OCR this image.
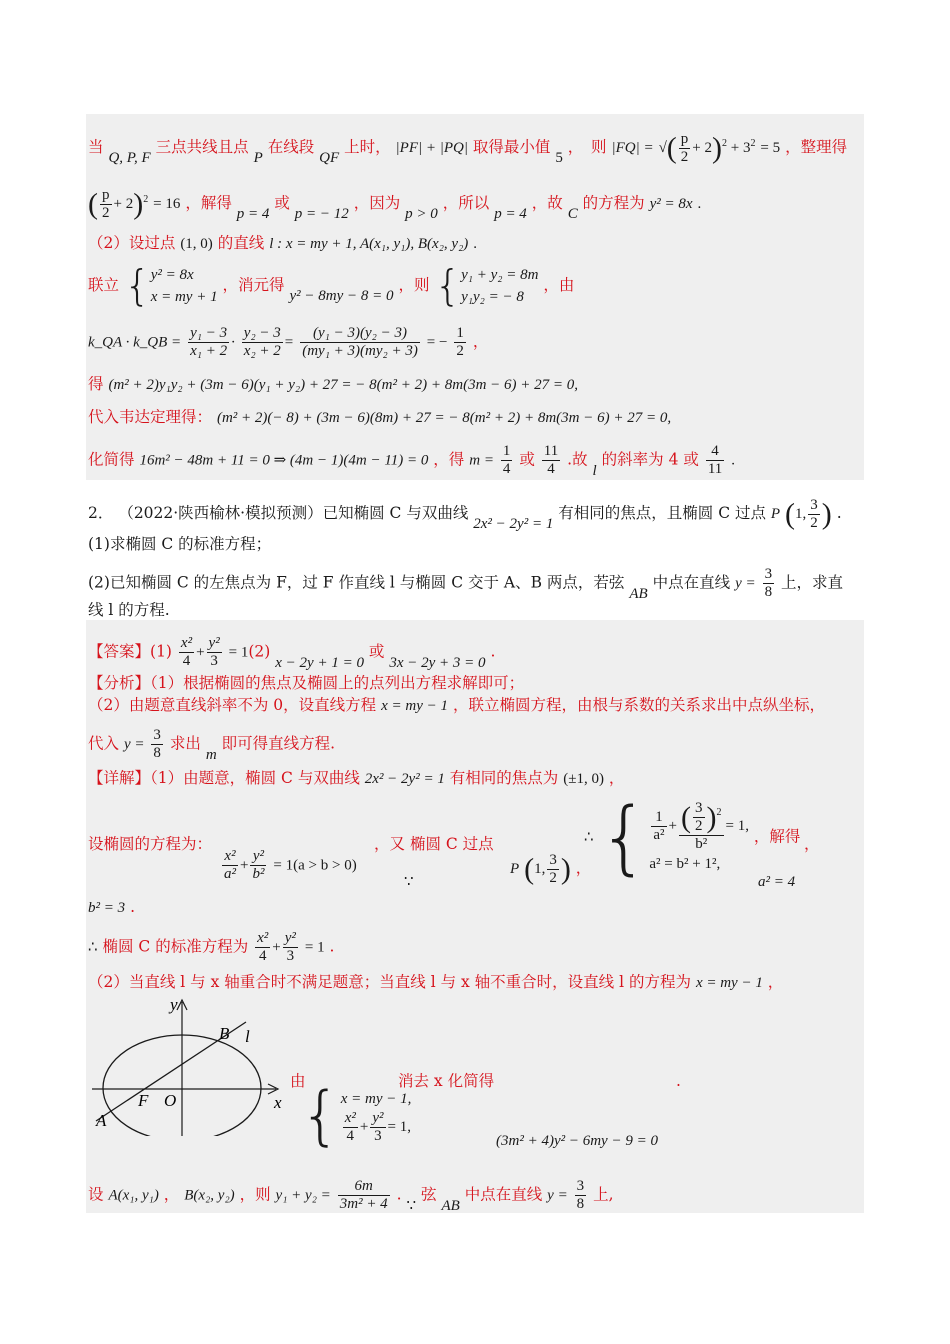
当 Q, P, F 三点共线且点 P 在线段 QF 上时， |PF| + |PQ| 取得最小值 5 ，　则 |FQ| = √( $\frac{p}{2} + 2)^2 + 3^2 = 5$ ，整理得
( $\frac{p}{2} + 2)^2 = 16$ ，解得 p = 4 或 p = − 12 ，因为 p > 0 ，所以 p = 4 ，故 C 的方程为 y² = 8x .
（2）设过点 (1, 0) 的直线 l : x = my + 1, A(x₁, y₁), B(x₂, y₂) .
联立 { y² = 8x
x = my + 1
，消元得 y² − 8my − 8 = 0 ，则 { y₁ + y₂ = 8m
y₁y₂ = − 8
，由
k_QA · k_QB = $\frac{\text{y₁ − 3}}{\text{x₁ + 2}} \cdot \frac{\text{y₂ − 3}}{\text{x₂ + 2}} = \frac{\text{(y₁ − 3)(y₂ − 3)}}{\text{(my₁ + 3)(my₂ + 3)}}$ = − $\frac{1}{2}$ ，
得 (m² + 2)y₁y₂ + (3m − 6)(y₁ + y₂) + 27 = − 8(m² + 2) + 8m(3m − 6) + 27 = 0,
代入韦达定理得： (m² + 2)(− 8) + (3m − 6)(8m) + 27 = − 8(m² + 2) + 8m(3m − 6) + 27 = 0,
化简得 16m² − 48m + 11 = 0 ⇒ (4m − 1)(4m − 11) = 0 ，得 $m = \frac{1}{4}$ 或 $\frac{11}{4}$ .故 l 的斜率为 4 或 $\frac{4}{11}$ .
2． （2022·陕西榆林·模拟预测）已知椭圆 C 与双曲线 2x² − 2y² = 1 有相同的焦点，且椭圆 C 过点 P (1, $\frac{3}{2}$ ) .
(1)求椭圆 C 的标准方程；
(2)已知椭圆 C 的左焦点为 F，过 F 作直线 l 与椭圆 C 交于 A、B 两点，若弦 AB 中点在直线 $y = \frac{3}{8}$ 上，求直
线 l 的方程.
【答案】$(1) \frac{\text{x²}}{4} + \frac{\text{y²}}{3} = 1(2) x - 2y + 1 = 0$ 或 3x − 2y + 3 = 0 .
【分析】（1）根据椭圆的焦点及椭圆上的点列出方程求解即可；
（2）由题意直线斜率不为 0，设直线方程 x = my − 1 ，联立椭圆方程，由根与系数的关系求出中点纵坐标，
代入 $y = \frac{3}{8}$ 求出 m 即可得直线方程.
【详解】（1）由题意，椭圆 C 与双曲线 2x² − 2y² = 1 有相同的焦点为 (±1, 0) ，
设椭圆的方程为：
$\frac{\text{x²}}{\text{a²}} + \frac{\text{y²}}{\text{b²}} = 1(a > b > 0)$
，又 椭圆 C 过点
∵
P (1, $\frac{3}{2}$ ) ，
∴ { $\frac{1}{\text{a²}} + \frac{( \frac{3}{2} )^2}{\text{b²}} = 1$,
a² = b² + 1²,
，解得 ，
a² = 4
b² = 3 .
∴ 椭圆 C 的标准方程为 $\frac{\text{x²}}{4} + \frac{\text{y²}}{3} = 1$ .
（2）当直线 l 与 x 轴重合时不满足题意；当直线 l 与 x 轴不重合时，设直线 l 的方程为 x = my − 1 ，
y
x
B l
F O
A
由
{ x = my − 1,
$\frac{\text{x²}}{4} + \frac{\text{y²}}{3} = 1$,
消去 x 化简得	.
(3m² + 4)y² − 6my − 9 = 0
设 A(x₁, y₁) ， B(x₂, y₂) ，则 $y_1 + y_2 = \frac{6m}{\text{3m² + 4}}$ . ∵ 弦 AB 中点在直线 $y = \frac{3}{8}$ 上,
